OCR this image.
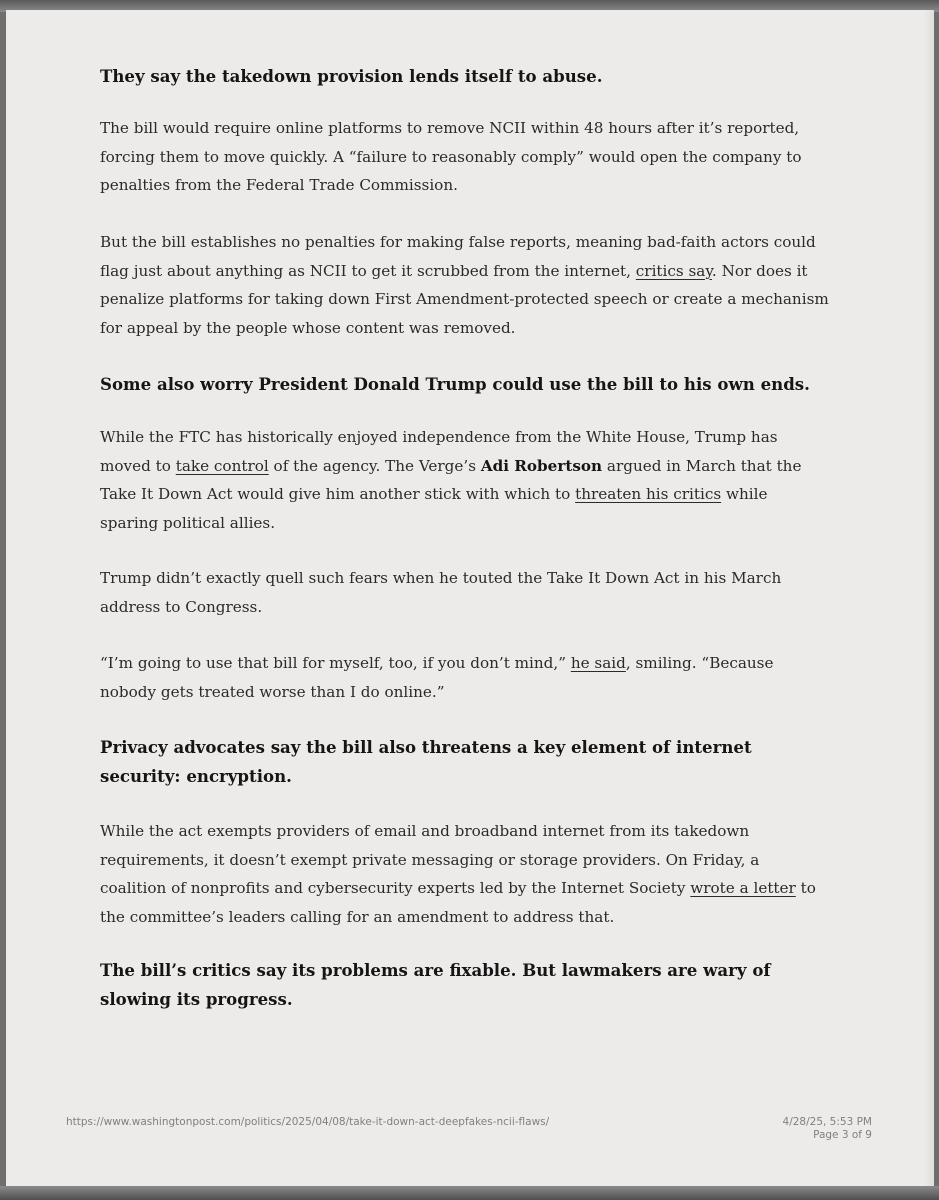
They say the takedown provision lends itself to abuse.

The bill would require online platforms to remove NCII within 48 hours after it’s reported, forcing them to move quickly. A “failure to reasonably comply” would open the company to penalties from the Federal Trade Commission.

But the bill establishes no penalties for making false reports, meaning bad-faith actors could flag just about anything as NCII to get it scrubbed from the internet, critics say. Nor does it penalize platforms for taking down First Amendment-protected speech or create a mechanism for appeal by the people whose content was removed.

Some also worry President Donald Trump could use the bill to his own ends.

While the FTC has historically enjoyed independence from the White House, Trump has moved to take control of the agency. The Verge’s Adi Robertson argued in March that the Take It Down Act would give him another stick with which to threaten his critics while sparing political allies.

Trump didn’t exactly quell such fears when he touted the Take It Down Act in his March address to Congress.

“I’m going to use that bill for myself, too, if you don’t mind,” he said, smiling. “Because nobody gets treated worse than I do online.”

Privacy advocates say the bill also threatens a key element of internet security: encryption.

While the act exempts providers of email and broadband internet from its takedown requirements, it doesn’t exempt private messaging or storage providers. On Friday, a coalition of nonprofits and cybersecurity experts led by the Internet Society wrote a letter to the committee’s leaders calling for an amendment to address that.

The bill’s critics say its problems are fixable. But lawmakers are wary of slowing its progress.

https://www.washingtonpost.com/politics/2025/04/08/take-it-down-act-deepfakes-ncii-flaws/	4/28/25, 5:53 PM
Page 3 of 9
